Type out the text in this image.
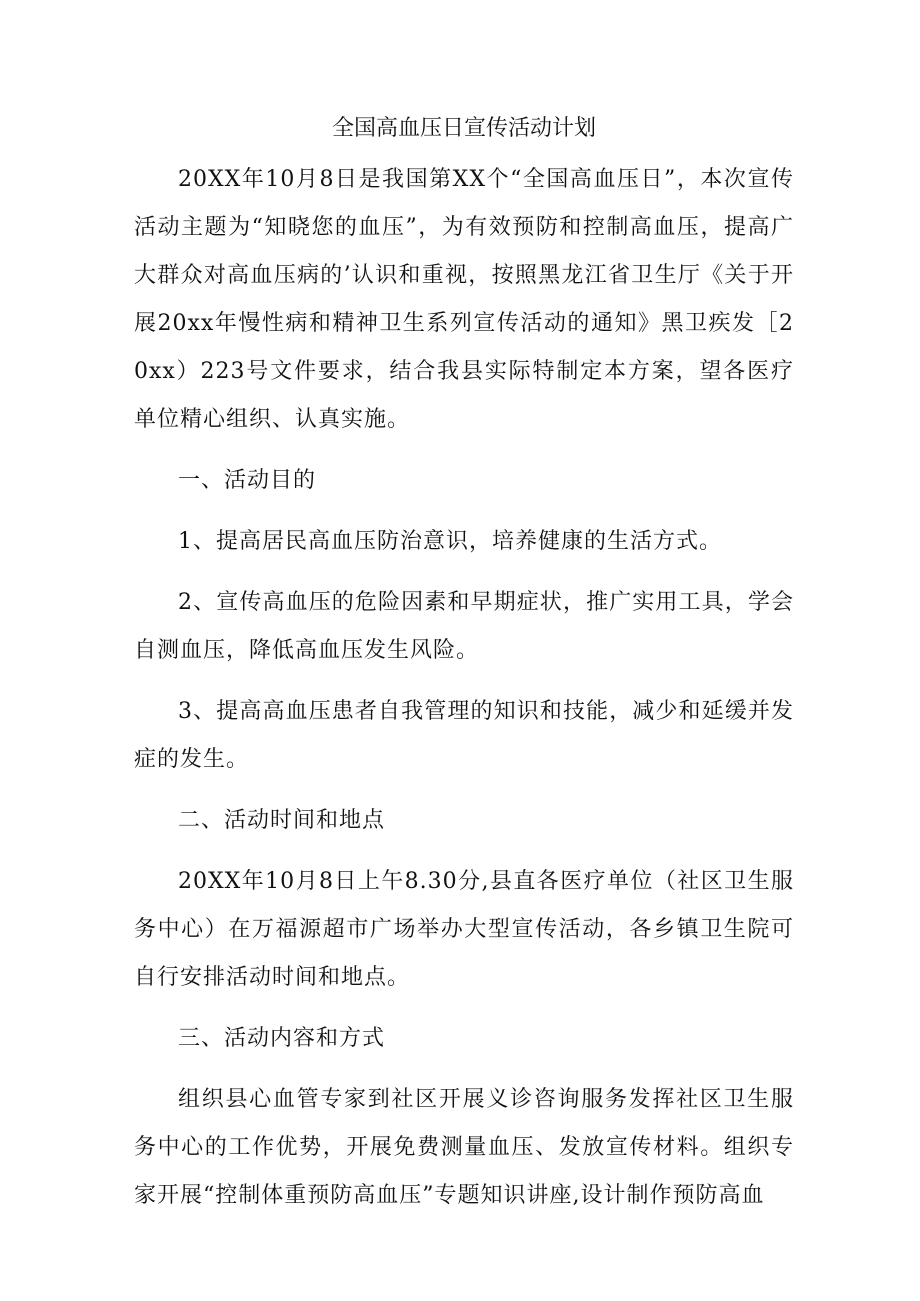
全国高血压日宣传活动计划

20XX年10月8日是我国第XX个“全国高血压日”，本次宣传活动主题为“知晓您的血压”，为有效预防和控制高血压，提高广大群众对高血压病的’认识和重视，按照黑龙江省卫生厅《关于开展20xx年慢性病和精神卫生系列宣传活动的通知》黑卫疾发［20xx）223号文件要求，结合我县实际特制定本方案，望各医疗单位精心组织、认真实施。

一、活动目的

1、提高居民高血压防治意识，培养健康的生活方式。

2、宣传高血压的危险因素和早期症状，推广实用工具，学会自测血压，降低高血压发生风险。

3、提高高血压患者自我管理的知识和技能，减少和延缓并发症的发生。

二、活动时间和地点

20XX年10月8日上午8.30分,县直各医疗单位（社区卫生服务中心）在万福源超市广场举办大型宣传活动，各乡镇卫生院可自行安排活动时间和地点。

三、活动内容和方式

组织县心血管专家到社区开展义诊咨询服务发挥社区卫生服务中心的工作优势，开展免费测量血压、发放宣传材料。组织专家开展“控制体重预防高血压”专题知识讲座,设计制作预防高血
